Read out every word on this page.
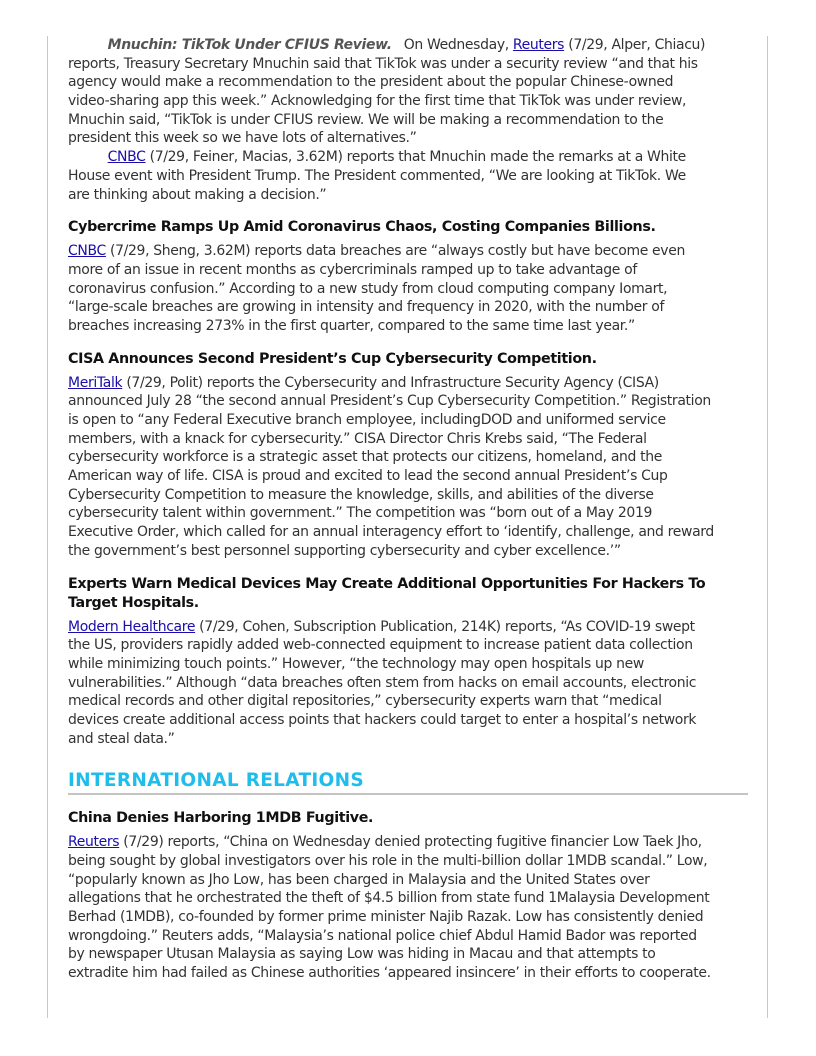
Mnuchin: TikTok Under CFIUS Review. On Wednesday, Reuters (7/29, Alper, Chiacu)
reports, Treasury Secretary Mnuchin said that TikTok was under a security review “and that his
agency would make a recommendation to the president about the popular Chinese-owned
video-sharing app this week.” Acknowledging for the first time that TikTok was under review,
Mnuchin said, “TikTok is under CFIUS review. We will be making a recommendation to the
president this week so we have lots of alternatives.”
CNBC (7/29, Feiner, Macias, 3.62M) reports that Mnuchin made the remarks at a White
House event with President Trump. The President commented, “We are looking at TikTok. We
are thinking about making a decision.”
Cybercrime Ramps Up Amid Coronavirus Chaos, Costing Companies Billions.
CNBC (7/29, Sheng, 3.62M) reports data breaches are “always costly but have become even
more of an issue in recent months as cybercriminals ramped up to take advantage of
coronavirus confusion.” According to a new study from cloud computing company Iomart,
“large-scale breaches are growing in intensity and frequency in 2020, with the number of
breaches increasing 273% in the first quarter, compared to the same time last year.”
CISA Announces Second President’s Cup Cybersecurity Competition.
MeriTalk (7/29, Polit) reports the Cybersecurity and Infrastructure Security Agency (CISA)
announced July 28 “the second annual President’s Cup Cybersecurity Competition.” Registration
is open to “any Federal Executive branch employee, includingDOD and uniformed service
members, with a knack for cybersecurity.” CISA Director Chris Krebs said, “The Federal
cybersecurity workforce is a strategic asset that protects our citizens, homeland, and the
American way of life. CISA is proud and excited to lead the second annual President’s Cup
Cybersecurity Competition to measure the knowledge, skills, and abilities of the diverse
cybersecurity talent within government.” The competition was “born out of a May 2019
Executive Order, which called for an annual interagency effort to ‘identify, challenge, and reward
the government’s best personnel supporting cybersecurity and cyber excellence.’”
Experts Warn Medical Devices May Create Additional Opportunities For Hackers To
Target Hospitals.
Modern Healthcare (7/29, Cohen, Subscription Publication, 214K) reports, “As COVID-19 swept
the US, providers rapidly added web-connected equipment to increase patient data collection
while minimizing touch points.” However, “the technology may open hospitals up new
vulnerabilities.” Although “data breaches often stem from hacks on email accounts, electronic
medical records and other digital repositories,” cybersecurity experts warn that “medical
devices create additional access points that hackers could target to enter a hospital’s network
and steal data.”
INTERNATIONAL RELATIONS
China Denies Harboring 1MDB Fugitive.
Reuters (7/29) reports, “China on Wednesday denied protecting fugitive financier Low Taek Jho,
being sought by global investigators over his role in the multi-billion dollar 1MDB scandal.” Low,
“popularly known as Jho Low, has been charged in Malaysia and the United States over
allegations that he orchestrated the theft of $4.5 billion from state fund 1Malaysia Development
Berhad (1MDB), co-founded by former prime minister Najib Razak. Low has consistently denied
wrongdoing.” Reuters adds, “Malaysia’s national police chief Abdul Hamid Bador was reported
by newspaper Utusan Malaysia as saying Low was hiding in Macau and that attempts to
extradite him had failed as Chinese authorities ‘appeared insincere’ in their efforts to cooperate.
